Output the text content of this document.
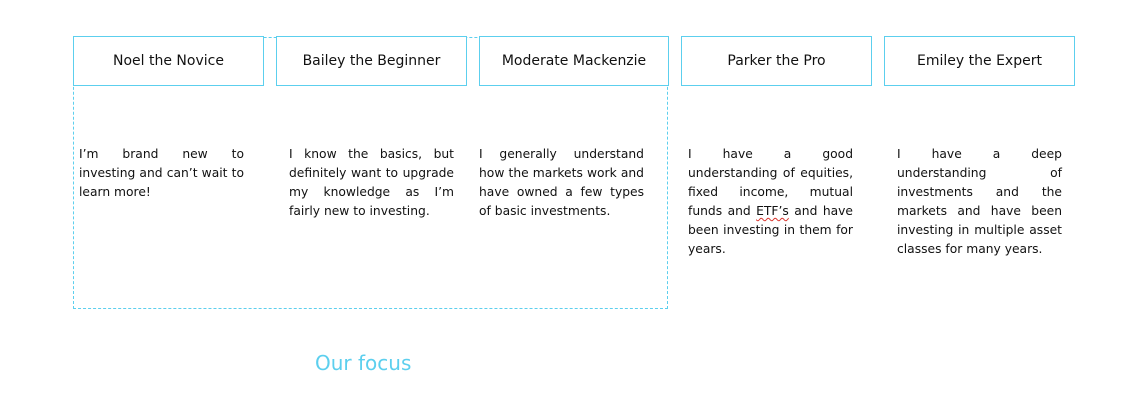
Noel the Novice	Bailey the Beginner	Moderate Mackenzie	Parker the Pro	Emiley the Expert
I’m brand new to investing and can’t wait to learn more!
I know the basics, but definitely want to upgrade my knowledge as I’m fairly new to investing.
I generally understand how the markets work and have owned a few types of basic investments.
I have a good understanding of equities, fixed income, mutual funds and ETF’s and have been investing in them for years.
I have a deep understanding of investments and the markets and have been investing in multiple asset classes for many years.
Our focus
